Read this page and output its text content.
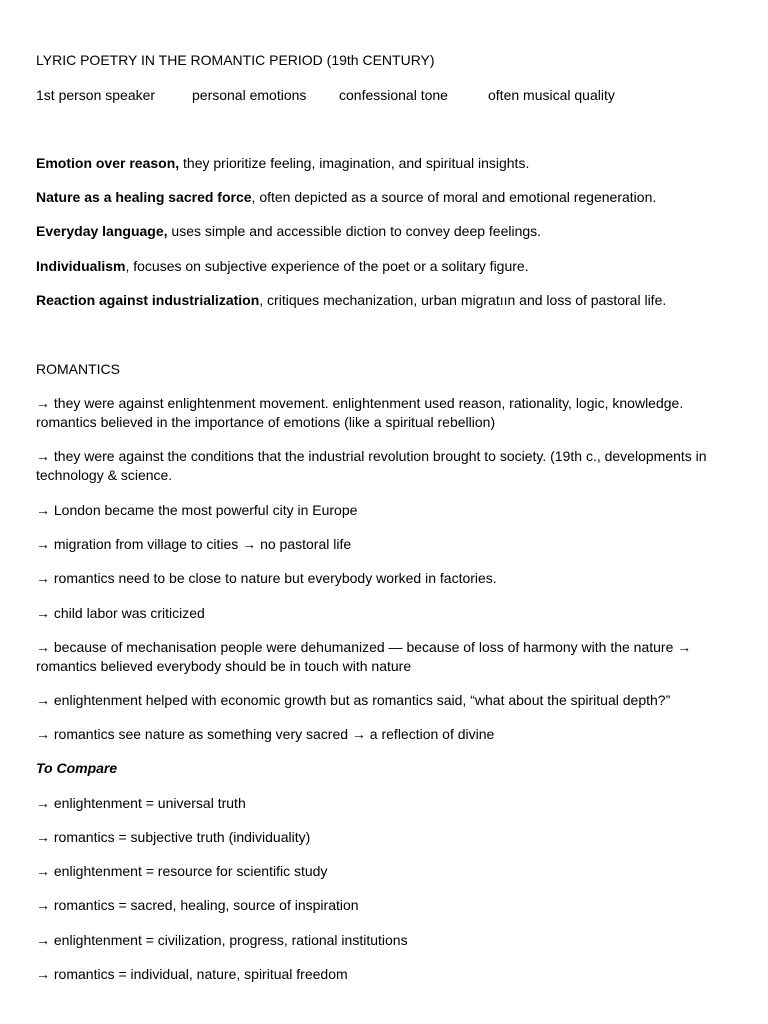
LYRIC POETRY IN THE ROMANTIC PERIOD (19th CENTURY)
1st person speaker	personal emotions confessional tone	often musical quality
Emotion over reason, they prioritize feeling, imagination, and spiritual insights.
Nature as a healing sacred force, often depicted as a source of moral and emotional regeneration.
Everyday language, uses simple and accessible diction to convey deep feelings.
Individualism, focuses on subjective experience of the poet or a solitary figure.
Reaction against industrialization, critiques mechanization, urban migratıın and loss of pastoral life.
ROMANTICS
→ they were against enlightenment movement. enlightenment used reason, rationality, logic, knowledge. romantics believed in the importance of emotions (like a spiritual rebellion)
→ they were against the conditions that the industrial revolution brought to society. (19th c., developments in technology & science.
→ London became the most powerful city in Europe
→ migration from village to cities → no pastoral life
→ romantics need to be close to nature but everybody worked in factories.
→ child labor was criticized
→ because of mechanisation people were dehumanized — because of loss of harmony with the nature → romantics believed everybody should be in touch with nature
→ enlightenment helped with economic growth but as romantics said, “what about the spiritual depth?”
→ romantics see nature as something very sacred → a reflection of divine
To Compare
→ enlightenment = universal truth
→ romantics = subjective truth (individuality)
→ enlightenment = resource for scientific study
→ romantics = sacred, healing, source of inspiration
→ enlightenment = civilization, progress, rational institutions
→ romantics = individual, nature, spiritual freedom
